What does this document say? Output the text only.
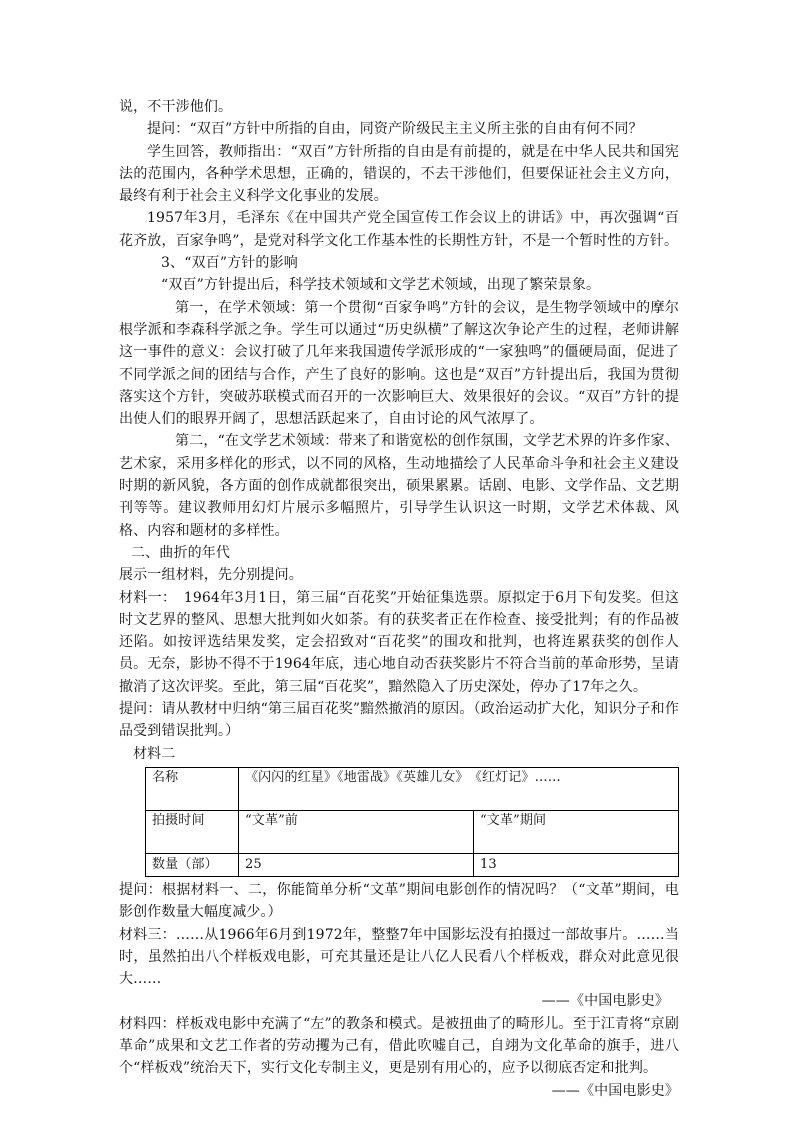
说，不干涉他们。

提问：“双百”方针中所指的自由，同资产阶级民主主义所主张的自由有何不同？

学生回答，教师指出：“双百”方针所指的自由是有前提的，就是在中华人民共和国宪法的范围内，各种学术思想，正确的，错误的，不去干涉他们，但要保证社会主义方向，最终有利于社会主义科学文化事业的发展。

1957年3月，毛泽东《在中国共产党全国宣传工作会议上的讲话》中，再次强调“百花齐放，百家争鸣”，是党对科学文化工作基本性的长期性方针，不是一个暂时性的方针。

3、“双百”方针的影响

“双百”方针提出后，科学技术领域和文学艺术领域，出现了繁荣景象。

第一，在学术领域：第一个贯彻“百家争鸣”方针的会议，是生物学领域中的摩尔根学派和李森科学派之争。学生可以通过“历史纵横”了解这次争论产生的过程，老师讲解这一事件的意义：会议打破了几年来我国遗传学派形成的“一家独鸣”的僵硬局面，促进了不同学派之间的团结与合作，产生了良好的影响。这也是“双百”方针提出后，我国为贯彻落实这个方针，突破苏联模式而召开的一次影响巨大、效果很好的会议。“双百”方针的提出使人们的眼界开阔了，思想活跃起来了，自由讨论的风气浓厚了。

第二，“在文学艺术领域：带来了和谐宽松的创作氛围，文学艺术界的许多作家、艺术家，采用多样化的形式，以不同的风格，生动地描绘了人民革命斗争和社会主义建设时期的新风貌，各方面的创作成就都很突出，硕果累累。话剧、电影、文学作品、文艺期刊等等。建议教师用幻灯片展示多幅照片，引导学生认识这一时期，文学艺术体裁、风格、内容和题材的多样性。

二、曲折的年代

展示一组材料，先分别提问。

材料一：　1964年3月1日，第三届“百花奖”开始征集选票。原拟定于6月下旬发奖。但这时文艺界的整风、思想大批判如火如荼。有的获奖者正在作检查、接受批判；有的作品被还陷。如按评选结果发奖，定会招致对“百花奖”的围攻和批判，也将连累获奖的创作人员。无奈，影协不得不于1964年底，违心地自动否获奖影片不符合当前的革命形势，呈请撤消了这次评奖。至此，第三届“百花奖”，黯然隐入了历史深处，停办了17年之久。

提问：请从教材中归纳“第三届百花奖”黯然撤消的原因。（政治运动扩大化，知识分子和作品受到错误批判。）

材料二

名称	《闪闪的红星》《地雷战》《英雄儿女》　《红灯记》……	
拍摄时间	“文革”前	“文革”期间
数量（部）	25	13

提问：根据材料一、二，你能简单分析“文革”期间电影创作的情况吗？（“文革”期间，电影创作数量大幅度减少。）

材料三：……从1966年6月到1972年，整整7年中国影坛没有拍摄过一部故事片。……当时，虽然拍出八个样板戏电影，可充其量还是让八亿人民看八个样板戏，群众对此意见很大……

——《中国电影史》

材料四：样板戏电影中充满了“左”的教条和模式。是被扭曲了的畸形儿。至于江青将“京剧革命”成果和文艺工作者的劳动攫为己有，借此吹嘘自己，自翊为文化革命的旗手，进八个“样板戏”统治天下，实行文化专制主义，更是别有用心的，应予以彻底否定和批判。

——《中国电影史》
